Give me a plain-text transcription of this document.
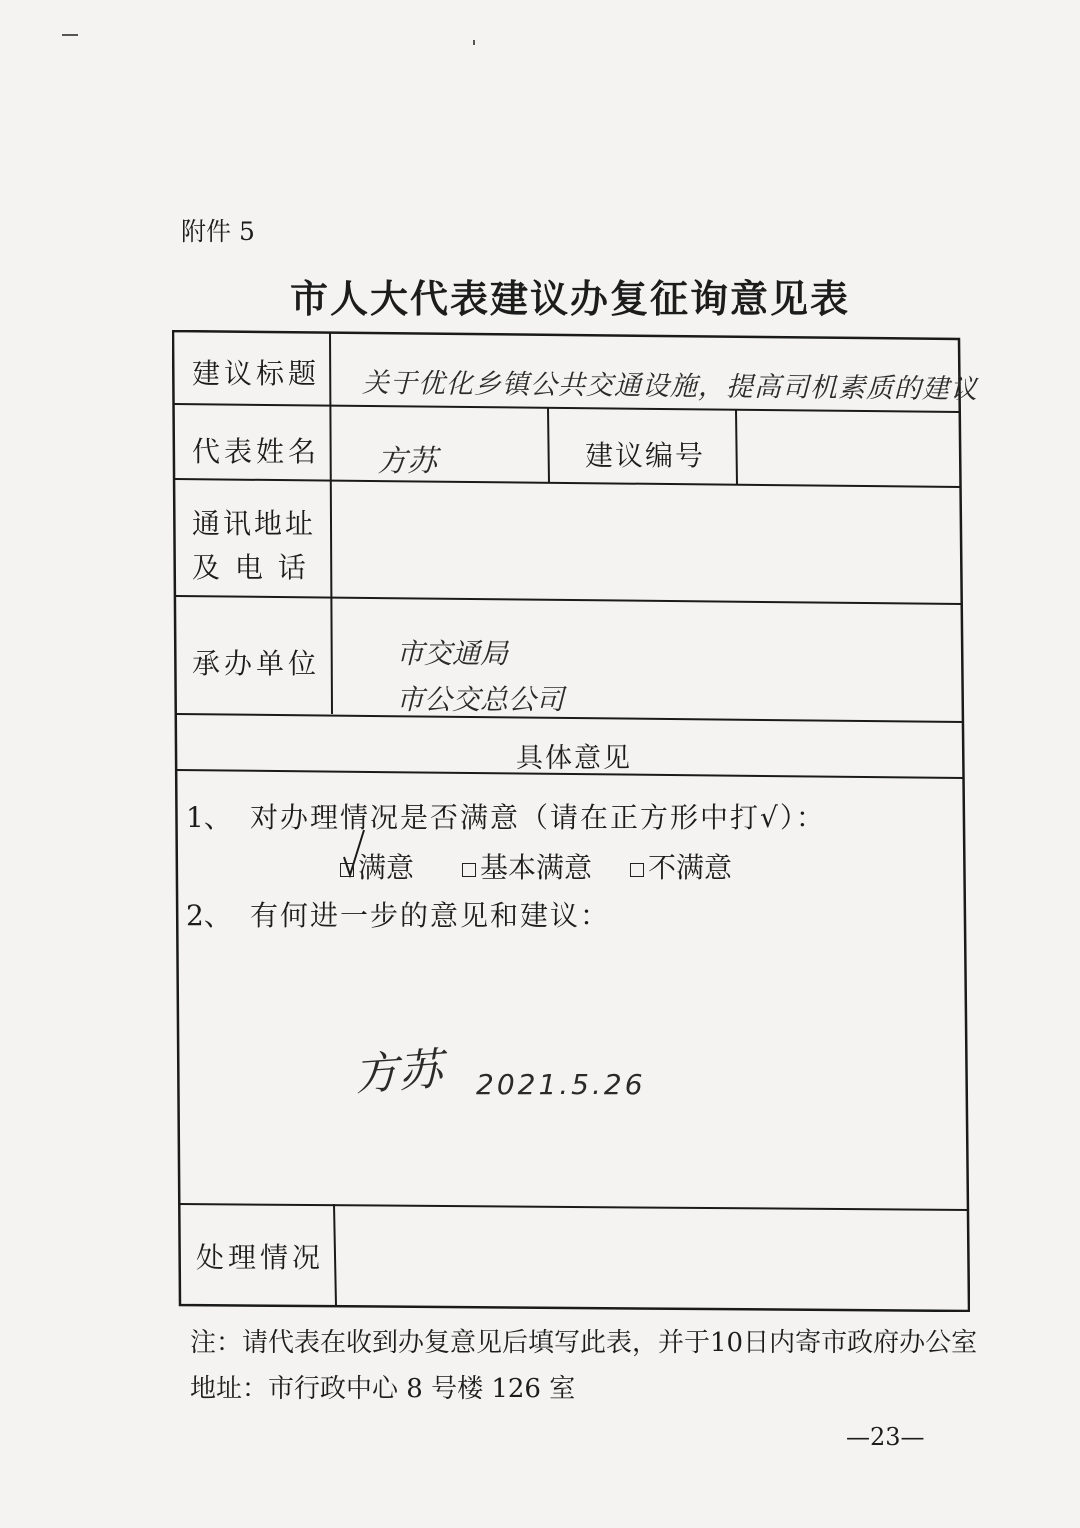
附件 5
市人大代表建议办复征询意见表
建议标题 关于优化乡镇公共交通设施，提高司机素质的建议
代表姓名 方苏	建议编号
通讯地址
及 电 话
承办单位	市交通局
市公交总公司
具体意见
1、 对办理情况是否满意（请在正方形中打√）：
满意	基本满意	不满意
2、 有何进一步的意见和建议：
方苏 2021.5.26
处理情况
注：请代表在收到办复意见后填写此表，并于10日内寄市政府办公室
地址：市行政中心 8 号楼 126 室
—23—
